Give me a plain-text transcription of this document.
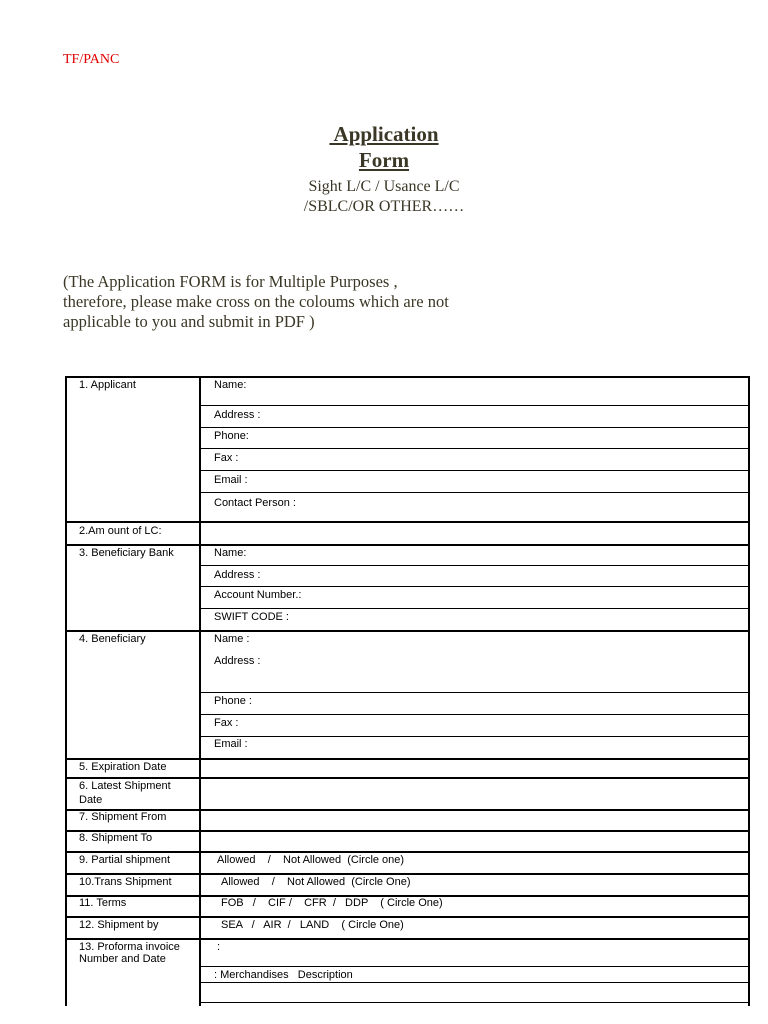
TF/PANC
Application
Form
Sight L/C / Usance L/C
/SBLC/OR OTHER……
(The Application FORM is for Multiple Purposes ,
therefore, please make cross on the coloums which are not
applicable to you and submit in PDF )
1. Applicant	Name:
Address :
Phone:
Fax :
Email :
Contact Person :
2.Am ount of LC:
3. Beneficiary Bank	Name:
Address :
Account Number.:
SWIFT CODE :
4. Beneficiary	Name :
Address :
Phone :
Fax :
Email :
5. Expiration Date
6. Latest Shipment
Date
7. Shipment From
8. Shipment To
9. Partial shipment	Allowed    /    Not Allowed  (Circle one)
10.Trans Shipment	Allowed    /    Not Allowed  (Circle One)
11. Terms	FOB   /    CIF /    CFR  /   DDP    ( Circle One)
12. Shipment by	SEA   /   AIR  /   LAND    ( Circle One)
13. Proforma invoice
Number and Date
:
: Merchandises   Description
